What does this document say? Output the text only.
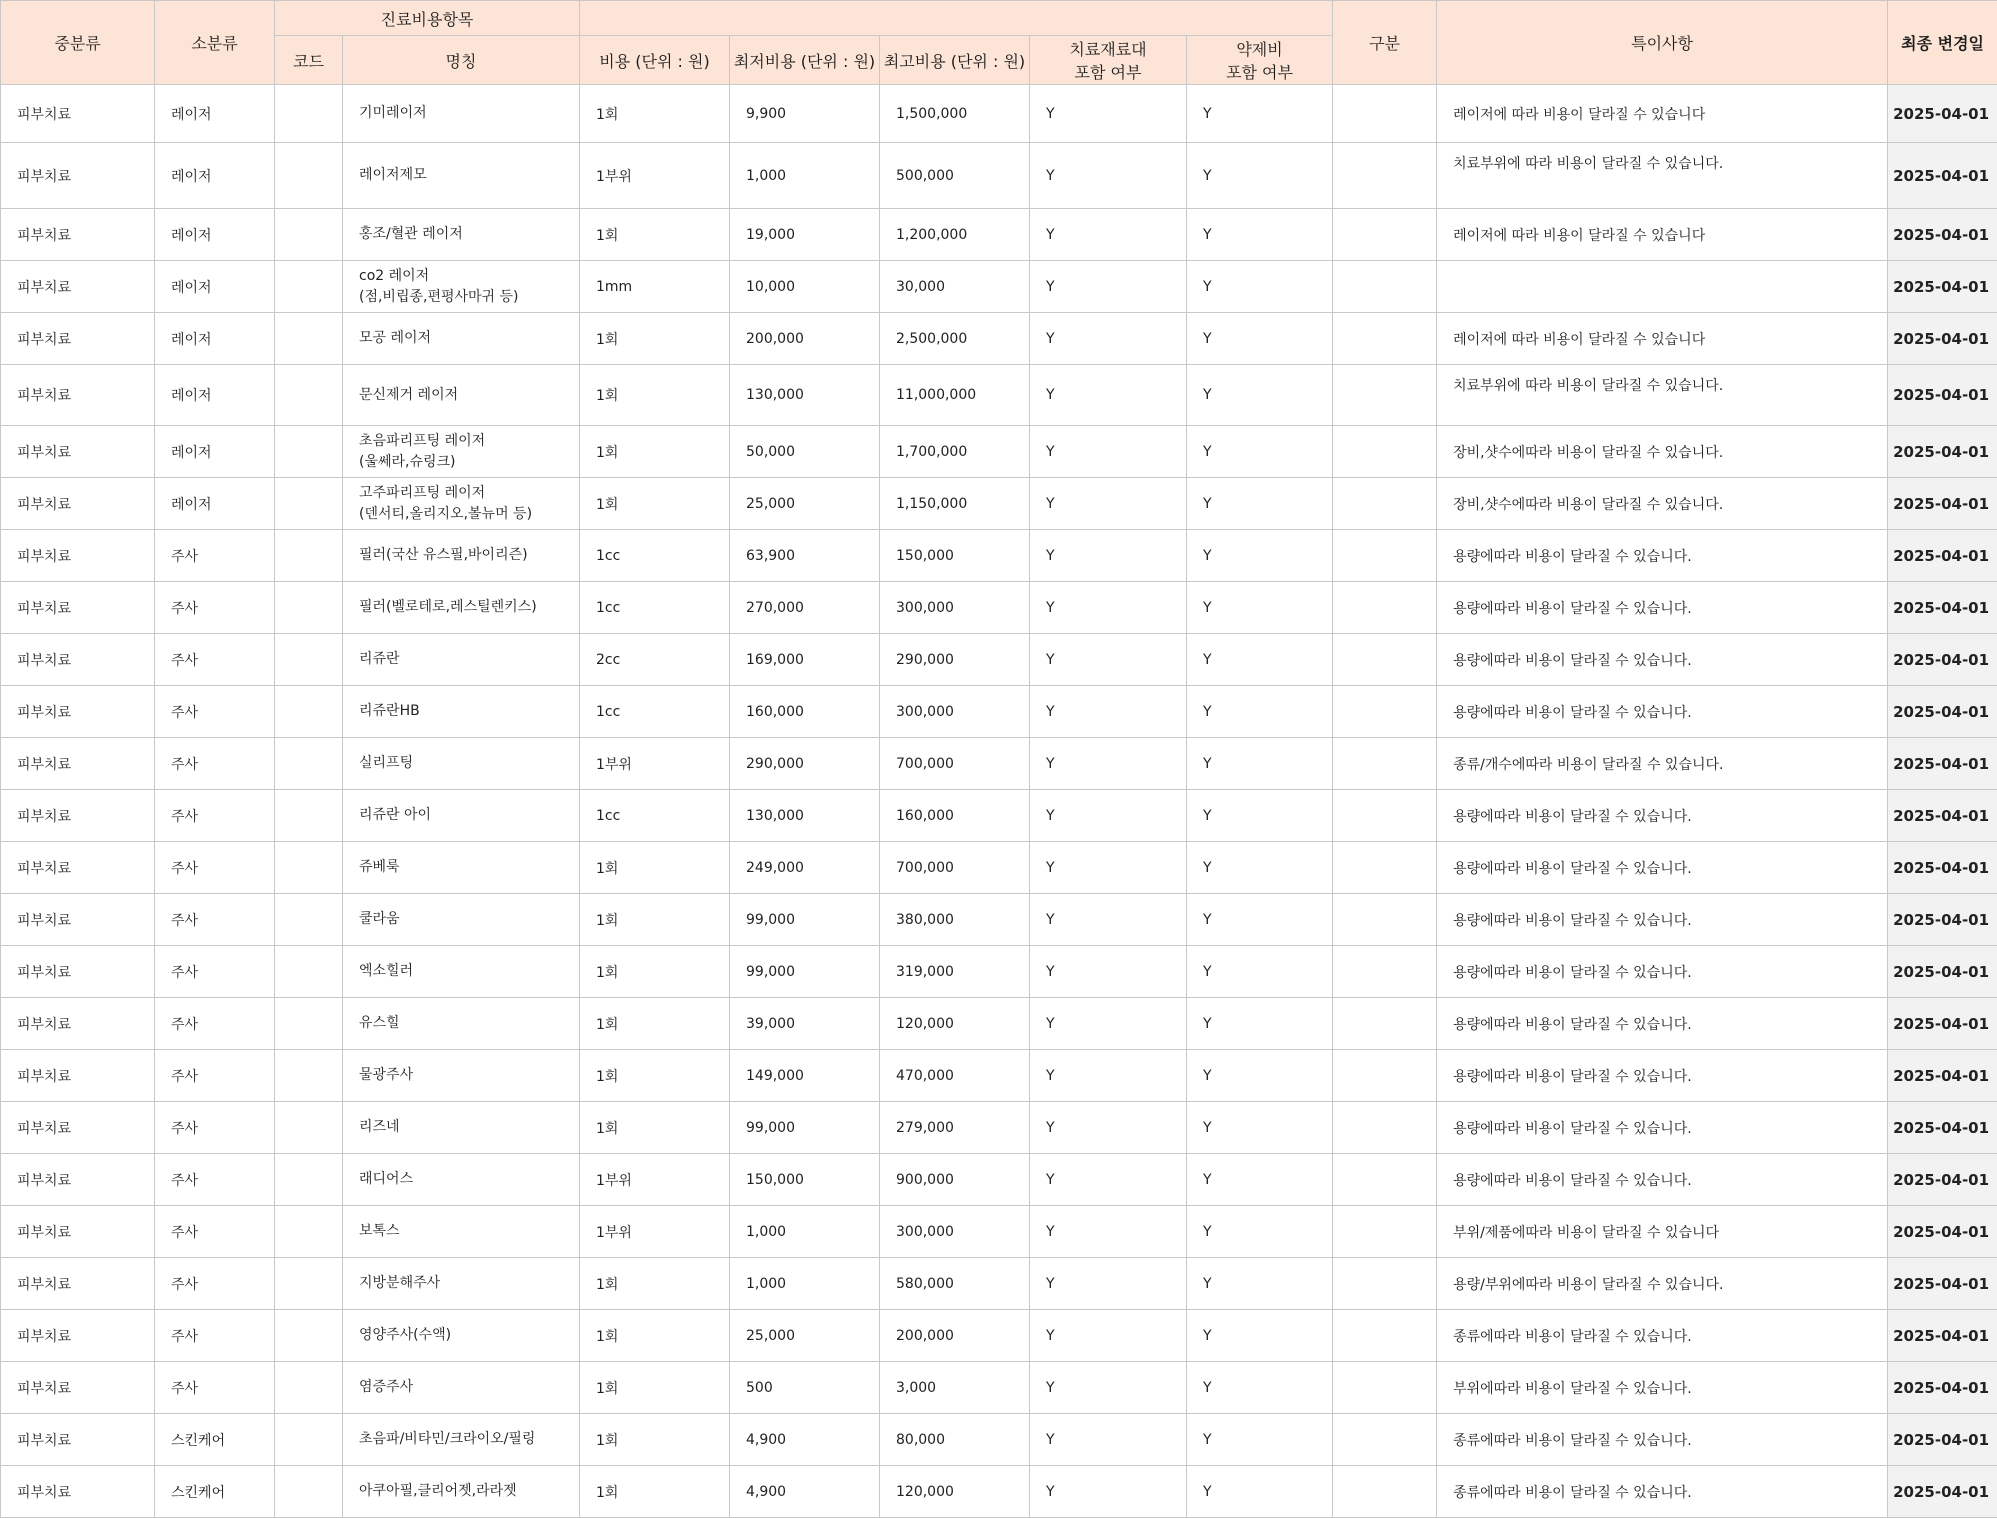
중분류	소분류	진료비용항목							구분	특이사항	최종 변경일
		코드	명칭	비용 (단위 : 원)	최저비용 (단위 : 원)	최고비용 (단위 : 원)	치료재료대
포함 여부	약제비
포함 여부			

피부치료	레이저		기미레이저	1회	9,900	1,500,000	Y	Y		레이저에 따라 비용이 달라질 수 있습니다	2025-04-01
피부치료	레이저		레이저제모	1부위	1,000	500,000	Y	Y		치료부위에 따라 비용이 달라질 수 있습니다.	2025-04-01
피부치료	레이저		홍조/혈관 레이저	1회	19,000	1,200,000	Y	Y		레이저에 따라 비용이 달라질 수 있습니다	2025-04-01
피부치료	레이저		co2 레이저
(점,비립종,편평사마귀 등)	1mm	10,000	30,000	Y	Y			2025-04-01
피부치료	레이저		모공 레이저	1회	200,000	2,500,000	Y	Y		레이저에 따라 비용이 달라질 수 있습니다	2025-04-01
피부치료	레이저		문신제거 레이저	1회	130,000	11,000,000	Y	Y		치료부위에 따라 비용이 달라질 수 있습니다.	2025-04-01
피부치료	레이저		초음파리프팅 레이저
(울쎄라,슈링크)	1회	50,000	1,700,000	Y	Y		장비,샷수에따라 비용이 달라질 수 있습니다.	2025-04-01
피부치료	레이저		고주파리프팅 레이저
(덴서티,올리지오,볼뉴머 등)	1회	25,000	1,150,000	Y	Y		장비,샷수에따라 비용이 달라질 수 있습니다.	2025-04-01
피부치료	주사		필러(국산 유스필,바이리즌)	1cc	63,900	150,000	Y	Y		용량에따라 비용이 달라질 수 있습니다.	2025-04-01
피부치료	주사		필러(벨로테로,레스틸렌키스)	1cc	270,000	300,000	Y	Y		용량에따라 비용이 달라질 수 있습니다.	2025-04-01
피부치료	주사		리쥬란	2cc	169,000	290,000	Y	Y		용량에따라 비용이 달라질 수 있습니다.	2025-04-01
피부치료	주사		리쥬란HB	1cc	160,000	300,000	Y	Y		용량에따라 비용이 달라질 수 있습니다.	2025-04-01
피부치료	주사		실리프팅	1부위	290,000	700,000	Y	Y		종류/개수에따라 비용이 달라질 수 있습니다.	2025-04-01
피부치료	주사		리쥬란 아이	1cc	130,000	160,000	Y	Y		용량에따라 비용이 달라질 수 있습니다.	2025-04-01
피부치료	주사		쥬베룩	1회	249,000	700,000	Y	Y		용량에따라 비용이 달라질 수 있습니다.	2025-04-01
피부치료	주사		쿨라움	1회	99,000	380,000	Y	Y		용량에따라 비용이 달라질 수 있습니다.	2025-04-01
피부치료	주사		엑소힐러	1회	99,000	319,000	Y	Y		용량에따라 비용이 달라질 수 있습니다.	2025-04-01
피부치료	주사		유스힐	1회	39,000	120,000	Y	Y		용량에따라 비용이 달라질 수 있습니다.	2025-04-01
피부치료	주사		물광주사	1회	149,000	470,000	Y	Y		용량에따라 비용이 달라질 수 있습니다.	2025-04-01
피부치료	주사		리즈네	1회	99,000	279,000	Y	Y		용량에따라 비용이 달라질 수 있습니다.	2025-04-01
피부치료	주사		래디어스	1부위	150,000	900,000	Y	Y		용량에따라 비용이 달라질 수 있습니다.	2025-04-01
피부치료	주사		보톡스	1부위	1,000	300,000	Y	Y		부위/제품에따라 비용이 달라질 수 있습니다	2025-04-01
피부치료	주사		지방분해주사	1회	1,000	580,000	Y	Y		용량/부위에따라 비용이 달라질 수 있습니다.	2025-04-01
피부치료	주사		영양주사(수액)	1회	25,000	200,000	Y	Y		종류에따라 비용이 달라질 수 있습니다.	2025-04-01
피부치료	주사		염증주사	1회	500	3,000	Y	Y		부위에따라 비용이 달라질 수 있습니다.	2025-04-01
피부치료	스킨케어		초음파/비타민/크라이오/필링	1회	4,900	80,000	Y	Y		종류에따라 비용이 달라질 수 있습니다.	2025-04-01
피부치료	스킨케어		아쿠아필,클리어젯,라라젯	1회	4,900	120,000	Y	Y		종류에따라 비용이 달라질 수 있습니다.	2025-04-01
